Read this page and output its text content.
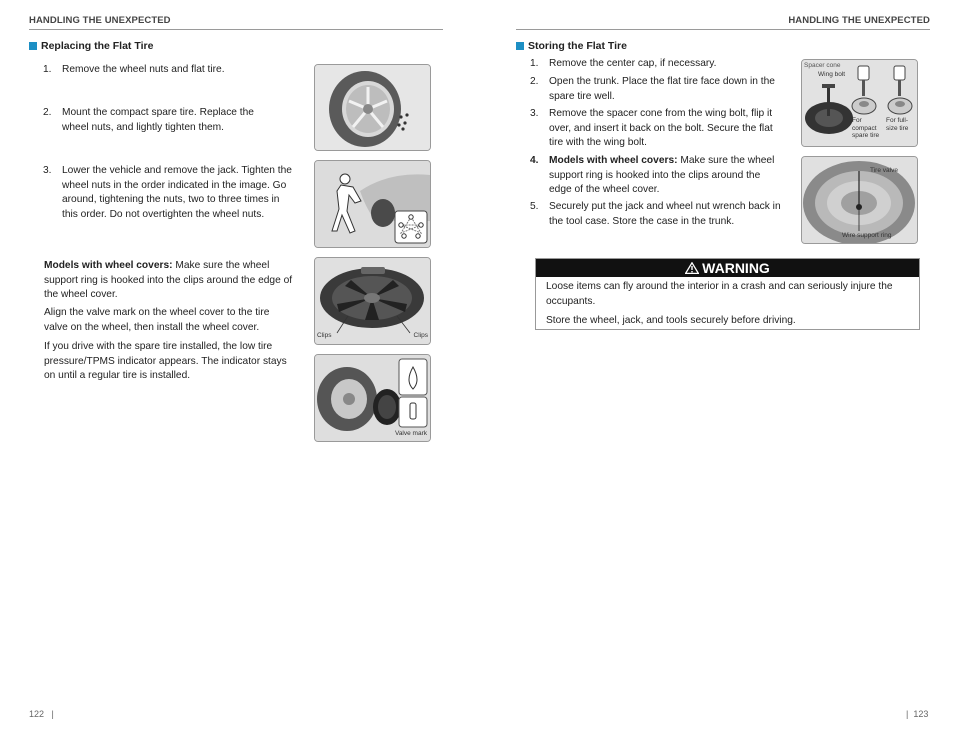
HANDLING THE UNEXPECTED	HANDLING THE UNEXPECTED
Replacing the Flat Tire
1.	Remove the wheel nuts and flat tire.
2.	Mount the compact spare tire. Replace the wheel nuts, and lightly tighten them.
3.	Lower the vehicle and remove the jack. Tighten the wheel nuts in the order indicated in the image. Go around, tightening the nuts, two to three times in this order. Do not overtighten the wheel nuts.
Models with wheel covers: Make sure the wheel support ring is hooked into the clips around the edge of the wheel cover.
Align the valve mark on the wheel cover to the tire valve on the wheel, then install the wheel cover.
If you drive with the spare tire installed, the low tire pressure/TPMS indicator appears. The indicator stays on until a regular tire is installed.
Clips	Clips
Valve mark
Storing the Flat Tire
1.	Remove the center cap, if necessary.
2.	Open the trunk. Place the flat tire face down in the spare tire well.
3.	Remove the spacer cone from the wing bolt, flip it over, and insert it back on the bolt. Secure the flat tire with the wing bolt.
4.	Models with wheel covers: Make sure the wheel support ring is hooked into the clips around the edge of the wheel cover.
5.	Securely put the jack and wheel nut wrench back in the tool case. Store the case in the trunk.
Spacer cone
Wing bolt
For compact spare tire
For full-size tire
Tire valve
Wire support ring
WARNING

Loose items can fly around the interior in a crash and can seriously injure the occupants.

Store the wheel, jack, and tools securely before driving.

122 |	| 123
